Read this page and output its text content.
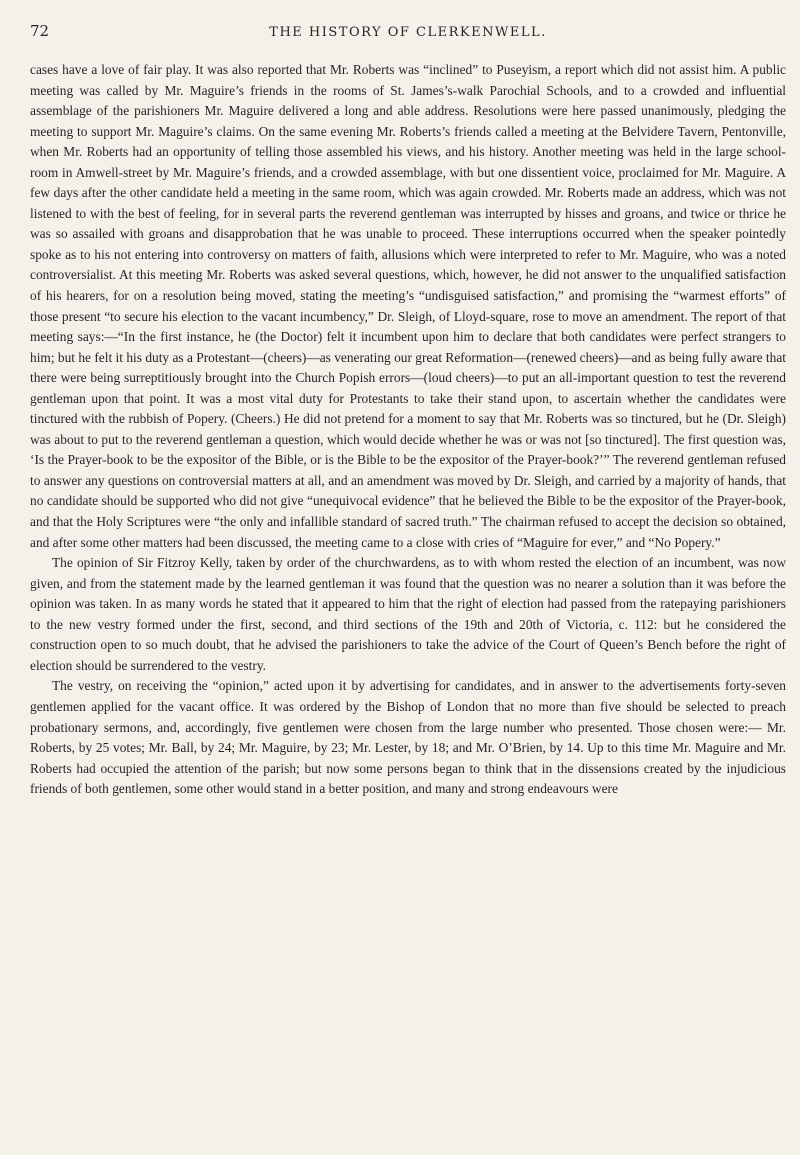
72	THE HISTORY OF CLERKENWELL.

cases have a love of fair play. It was also reported that Mr. Roberts was “inclined” to Puseyism, a report which did not assist him. A public meeting was called by Mr. Maguire’s friends in the rooms of St. James’s-walk Parochial Schools, and to a crowded and influential assemblage of the parishioners Mr. Maguire delivered a long and able address. Resolutions were here passed unanimously, pledging the meeting to support Mr. Maguire’s claims. On the same evening Mr. Roberts’s friends called a meeting at the Belvidere Tavern, Pentonville, when Mr. Roberts had an opportunity of telling those assembled his views, and his history. Another meeting was held in the large school-room in Amwell-street by Mr. Maguire’s friends, and a crowded assemblage, with but one dissentient voice, proclaimed for Mr. Maguire. A few days after the other candidate held a meeting in the same room, which was again crowded. Mr. Roberts made an address, which was not listened to with the best of feeling, for in several parts the reverend gentleman was interrupted by hisses and groans, and twice or thrice he was so assailed with groans and disapprobation that he was unable to proceed. These interruptions occurred when the speaker pointedly spoke as to his not entering into controversy on matters of faith, allusions which were interpreted to refer to Mr. Maguire, who was a noted controversialist. At this meeting Mr. Roberts was asked several questions, which, however, he did not answer to the unqualified satisfaction of his hearers, for on a resolution being moved, stating the meeting’s “undisguised satisfaction,” and promising the “warmest efforts” of those present “to secure his election to the vacant incumbency,” Dr. Sleigh, of Lloyd-square, rose to move an amendment. The report of that meeting says:—“In the first instance, he (the Doctor) felt it incumbent upon him to declare that both candidates were perfect strangers to him; but he felt it his duty as a Protestant—(cheers)—as venerating our great Reformation—(renewed cheers)—and as being fully aware that there were being surreptitiously brought into the Church Popish errors—(loud cheers)—to put an all-important question to test the reverend gentleman upon that point. It was a most vital duty for Protestants to take their stand upon, to ascertain whether the candidates were tinctured with the rubbish of Popery. (Cheers.) He did not pretend for a moment to say that Mr. Roberts was so tinctured, but he (Dr. Sleigh) was about to put to the reverend gentleman a question, which would decide whether he was or was not [so tinctured]. The first question was, ‘Is the Prayer-book to be the expositor of the Bible, or is the Bible to be the expositor of the Prayer-book?’” The reverend gentleman refused to answer any questions on controversial matters at all, and an amendment was moved by Dr. Sleigh, and carried by a majority of hands, that no candidate should be supported who did not give “unequivocal evidence” that he believed the Bible to be the expositor of the Prayer-book, and that the Holy Scriptures were “the only and infallible standard of sacred truth.” The chairman refused to accept the decision so obtained, and after some other matters had been discussed, the meeting came to a close with cries of “Maguire for ever,” and “No Popery.”

The opinion of Sir Fitzroy Kelly, taken by order of the churchwardens, as to with whom rested the election of an incumbent, was now given, and from the statement made by the learned gentleman it was found that the question was no nearer a solution than it was before the opinion was taken. In as many words he stated that it appeared to him that the right of election had passed from the ratepaying parishioners to the new vestry formed under the first, second, and third sections of the 19th and 20th of Victoria, c. 112: but he considered the construction open to so much doubt, that he advised the parishioners to take the advice of the Court of Queen’s Bench before the right of election should be surrendered to the vestry.

The vestry, on receiving the “opinion,” acted upon it by advertising for candidates, and in answer to the advertisements forty-seven gentlemen applied for the vacant office. It was ordered by the Bishop of London that no more than five should be selected to preach probationary sermons, and, accordingly, five gentlemen were chosen from the large number who presented. Those chosen were:— Mr. Roberts, by 25 votes; Mr. Ball, by 24; Mr. Maguire, by 23; Mr. Lester, by 18; and Mr. O’Brien, by 14. Up to this time Mr. Maguire and Mr. Roberts had occupied the attention of the parish; but now some persons began to think that in the dissensions created by the injudicious friends of both gentlemen, some other would stand in a better position, and many and strong endeavours were
